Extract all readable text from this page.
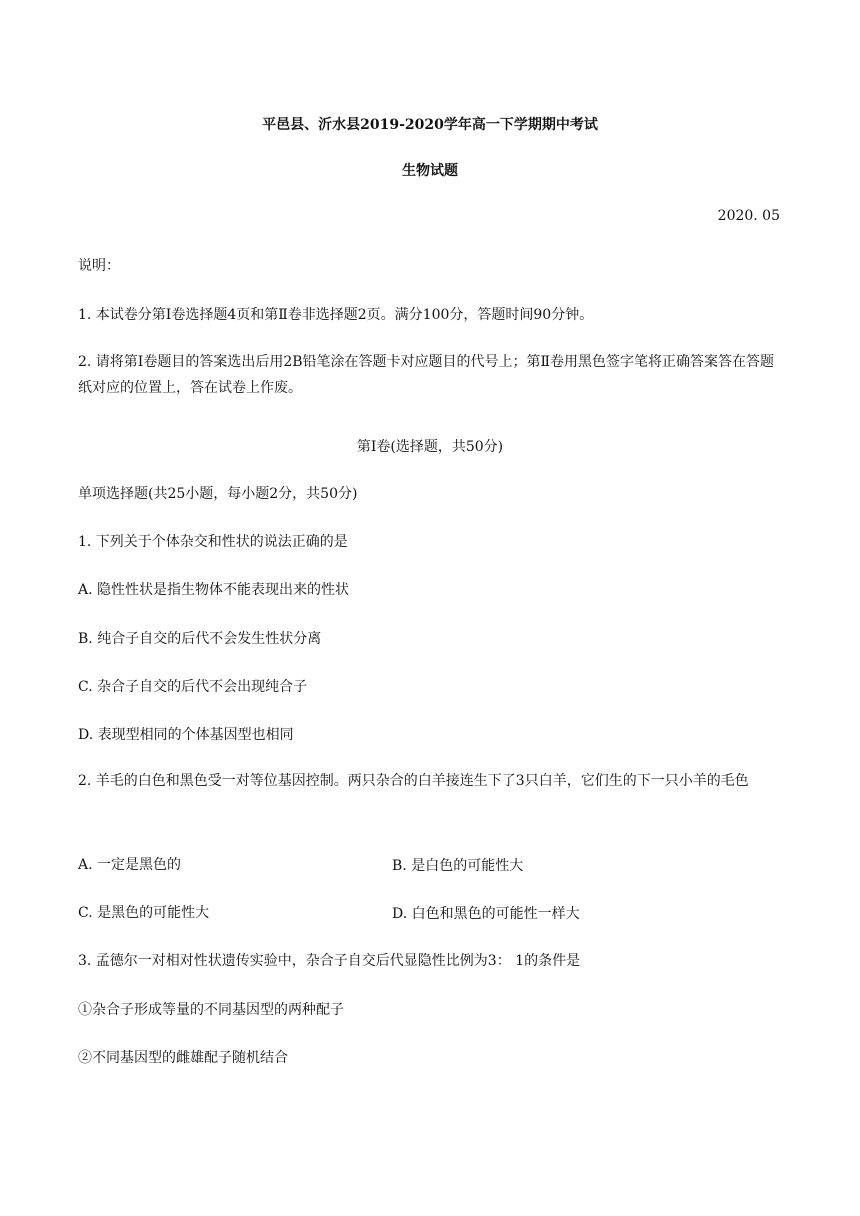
平邑县、沂水县2019-2020学年高一下学期期中考试
生物试题
2020. 05
说明：
1. 本试卷分第Ⅰ卷选择题4页和第Ⅱ卷非选择题2页。满分100分，答题时间90分钟。
2. 请将第Ⅰ卷题目的答案选出后用2B铅笔涂在答题卡对应题目的代号上；第Ⅱ卷用黑色签字笔将正确答案答在答题纸对应的位置上，答在试卷上作废。
第Ⅰ卷(选择题，共50分)
单项选择题(共25小题，每小题2分，共50分)
1. 下列关于个体杂交和性状的说法正确的是
A. 隐性性状是指生物体不能表现出来的性状
B. 纯合子自交的后代不会发生性状分离
C. 杂合子自交的后代不会出现纯合子
D. 表现型相同的个体基因型也相同
2. 羊毛的白色和黑色受一对等位基因控制。两只杂合的白羊接连生下了3只白羊，它们生的下一只小羊的毛色
A. 一定是黑色的	B. 是白色的可能性大
C. 是黑色的可能性大	D. 白色和黑色的可能性一样大
3. 孟德尔一对相对性状遗传实验中，杂合子自交后代显隐性比例为3： 1的条件是
①杂合子形成等量的不同基因型的两种配子
②不同基因型的雌雄配子随机结合
